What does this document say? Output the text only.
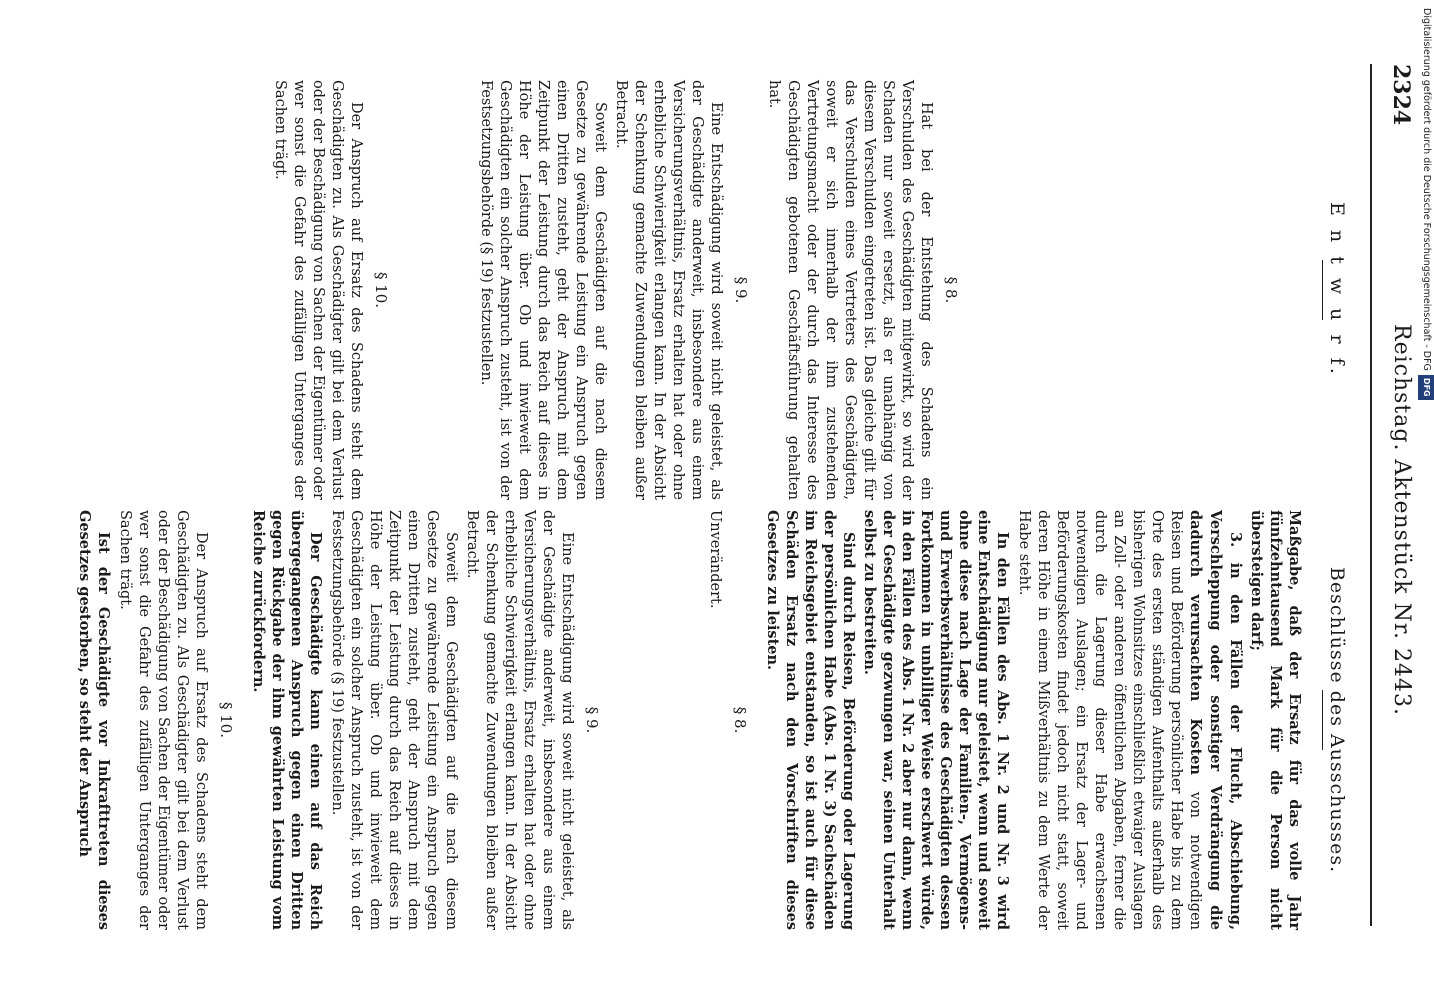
2324
Reichstag. Aktenstück Nr. 2443.
E n t w u r f.
§ 8.

Hat bei der Entstehung des Schadens ein Verschulden des Geschädigten mitgewirkt, so wird der Schaden nur soweit ersetzt, als er unabhängig von diesem Verschulden eingetreten ist. Das gleiche gilt für das Verschulden eines Vertreters des Geschädigten, soweit er sich innerhalb der ihm zustehenden Vertretungsmacht oder der durch das Interesse des Geschädigten gebotenen Geschäftsführung gehalten hat.

§ 9.

Eine Entschädigung wird soweit nicht geleistet, als der Geschädigte anderweit, insbesondere aus einem Versicherungsverhältnis, Ersatz erhalten hat oder ohne erhebliche Schwierigkeit erlangen kann. In der Absicht der Schenkung gemachte Zuwendungen bleiben außer Betracht.

Soweit dem Geschädigten auf die nach diesem Gesetze zu gewährende Leistung ein Anspruch gegen einen Dritten zusteht, geht der Anspruch mit dem Zeitpunkt der Leistung durch das Reich auf dieses in Höhe der Leistung über. Ob und inwieweit dem Geschädigten ein solcher Anspruch zusteht, ist von der Festsetzungsbehörde (§ 19) festzustellen.

§ 10.

Der Anspruch auf Ersatz des Schadens steht dem Geschädigten zu. Als Geschädigter gilt bei dem Verlust oder der Beschädigung von Sachen der Eigentümer oder wer sonst die Gefahr des zufälligen Unterganges der Sachen trägt.

Beschlüsse des Ausschusses.

Maßgabe, daß der Ersatz für das volle Jahr fünfzehntausend Mark für die Person nicht übersteigen darf;

3. in den Fällen der Flucht, Abschiebung, Verschleppung oder sonstiger Verdrängung die dadurch verursachten Kosten von notwendigen Reisen und Beförderung persönlicher Habe bis zu dem Orte des ersten ständigen Aufenthalts außerhalb des bisherigen Wohnsitzes einschließlich etwaiger Auslagen an Zoll- oder anderen öffentlichen Abgaben, ferner die durch die Lagerung dieser Habe erwachsenen notwendigen Auslagen; ein Ersatz der Lager- und Beförderungskosten findet jedoch nicht statt, soweit deren Höhe in einem Mißverhältnis zu dem Werte der Habe steht.

In den Fällen des Abs. 1 Nr. 2 und Nr. 3 wird eine Entschädigung nur geleistet, wenn und soweit ohne diese nach Lage der Familien-, Vermögens- und Erwerbsverhältnisse des Geschädigten dessen Fortkommen in unbilliger Weise erschwert würde, in den Fällen des Abs. 1 Nr. 2 aber nur dann, wenn der Geschädigte gezwungen war, seinen Unterhalt selbst zu bestreiten.

Sind durch Reisen, Beförderung oder Lagerung der persönlichen Habe (Abs. 1 Nr. 3) Sachschäden im Reichsgebiet entstanden, so ist auch für diese Schäden Ersatz nach den Vorschriften dieses Gesetzes zu leisten.

§ 8.

Unverändert.

§ 9.

Eine Entschädigung wird soweit nicht geleistet, als der Geschädigte anderweit, insbesondere aus einem Versicherungsverhältnis, Ersatz erhalten hat oder ohne erhebliche Schwierigkeit erlangen kann. In der Absicht der Schenkung gemachte Zuwendungen bleiben außer Betracht.

Soweit dem Geschädigten auf die nach diesem Gesetze zu gewährende Leistung ein Anspruch gegen einen Dritten zusteht, geht der Anspruch mit dem Zeitpunkt der Leistung durch das Reich auf dieses in Höhe der Leistung über. Ob und inwieweit dem Geschädigten ein solcher Anspruch zusteht, ist von der Festsetzungsbehörde (§ 19) festzustellen.

Der Geschädigte kann einen auf das Reich übergegangenen Anspruch gegen einen Dritten gegen Rückgabe der ihm gewährten Leistung vom Reiche zurückfordern.

§ 10.

Der Anspruch auf Ersatz des Schadens steht dem Geschädigten zu. Als Geschädigter gilt bei dem Verlust oder der Beschädigung von Sachen der Eigentümer oder wer sonst die Gefahr des zufälligen Unterganges der Sachen trägt.

Ist der Geschädigte vor Inkrafttreten dieses Gesetzes gestorben, so steht der Anspruch

Digitalisierung gefördert durch die Deutsche Forschungsgemeinschaft - DFGDFG
